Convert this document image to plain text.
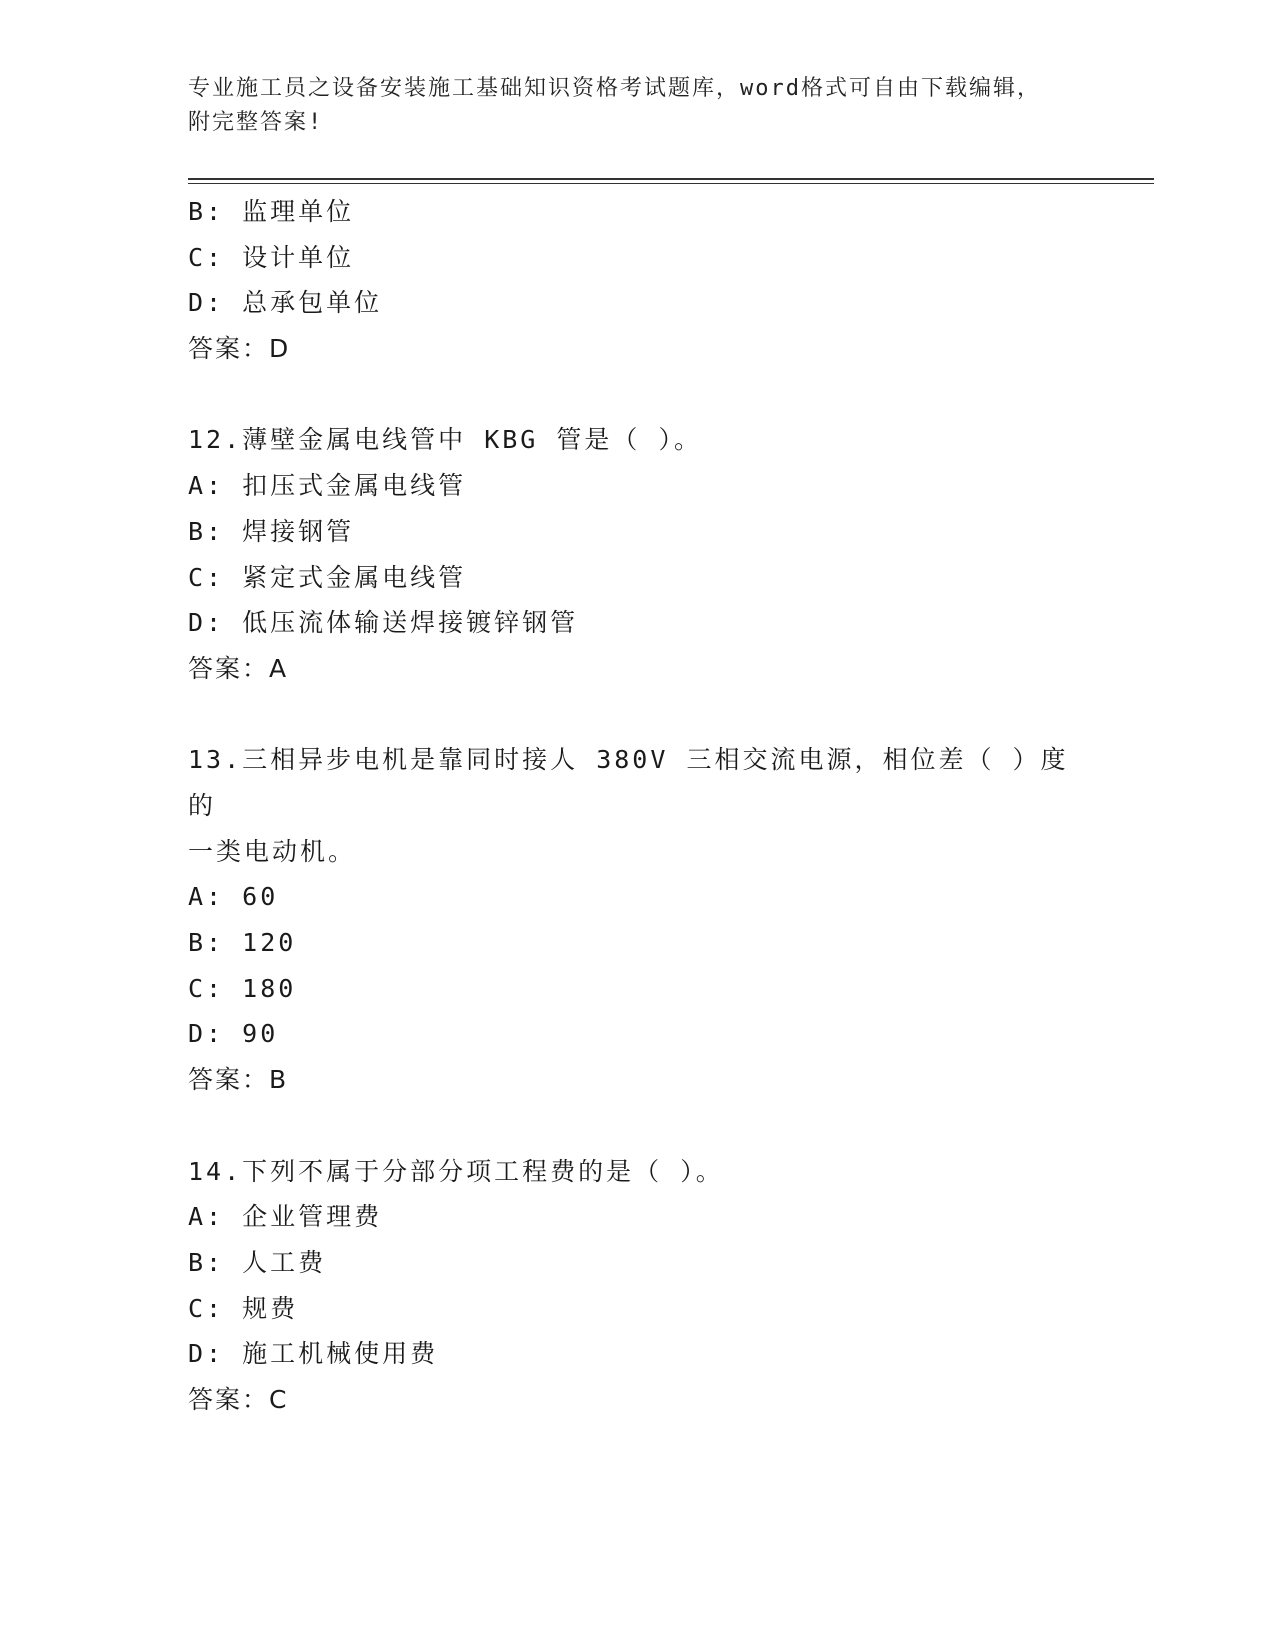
专业施工员之设备安装施工基础知识资格考试题库，word格式可自由下载编辑，
附完整答案!
B: 监理单位
C: 设计单位
D: 总承包单位
答案：D
12.薄壁金属电线管中 KBG 管是（ ）。
A: 扣压式金属电线管
B: 焊接钢管
C: 紧定式金属电线管
D: 低压流体输送焊接镀锌钢管
答案：A
13.三相异步电机是靠同时接人 380V 三相交流电源，相位差（ ）度的
一类电动机。
A: 60
B: 120
C: 180
D: 90
答案：B
14.下列不属于分部分项工程费的是（ ）。
A: 企业管理费
B: 人工费
C: 规费
D: 施工机械使用费
答案：C
